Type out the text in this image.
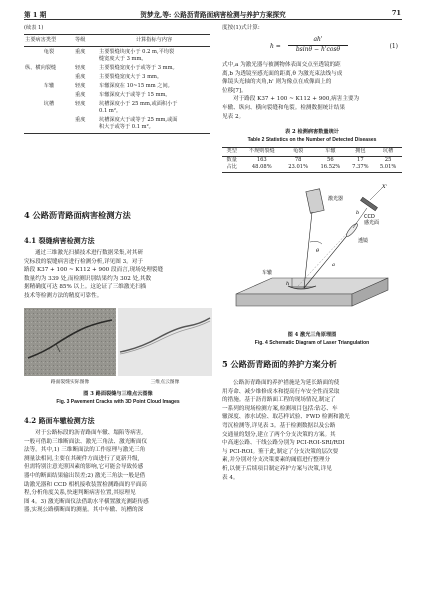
第 1 期	贺梦龙,等: 公路沥青路面病害检测与养护方案探究	71
(续表 1)
主要病害类型	等级	计算指标与内容
龟裂	重度	主要裂缝块度小于 0.2 m,平均裂
		缝宽度大于 3 mm。
纵、横向裂缝	轻度	主要裂缝宽度小于或等于 3 mm。
	重度	主要裂缝宽度大于 3 mm。
车辙	轻度	车辙深度在 10~15 mm 之间。
	重度	车辙深度大于或等于 15 mm。
坑槽	轻度	坑槽深度小于 25 mm,或面积小于
		0.1 m²。
	重度	坑槽深度大于或等于 25 mm,或面
		积大于或等于 0.1 m²。
4 公路沥青路面病害检测方法
4.1 裂缝病害检测方法
通过三维激光扫描技术进行数据采集,对其研
究标段的裂缝病害进行检测分析,详见图 3。对于
路段 K37 + 100 ~ K112 + 900 段而言,现场处理裂缝
数量约为 339 处,而检测识别结果约为 302 处,其数
据精确度可达 85% 以上。这论证了三维激光扫描
技术等检测方法的精度可靠性。
路面裂缝实际图像	三维点云图像
图 3 路面裂缝与三维点云图像
Fig. 3 Pavement Cracks with 3D Point Cloud Images
4.2 路面车辙检测方法
对于公路标段的沥青路面车辙、塌陷等病害,
一般可借助三维断面法、激光三角法、激光断面仪
法等。其中,1) 三维断面法的工作原理与激光三角
测量法相同,主要在其硬件方面进行了更新升级,
但需特别注意光照因素的影响,它可能会导致传感
器中的断面结果输出误差;2) 激光三角法一般是借
助激光器和 CCD 相机接收装置检测路面的平面高
程,分析角度关系,快速判断病害位置,其原理见
图 4。3) 激光断面仪法借助水平横置激光测距传感
器,实现公路横断面的测量。其中车辙、坑槽的深
度按(1)式计算:
h =
ah'
bsinθ − h'cosθ	(1)
式中,a 为激光器与被测物体表面交点至透镜的距
离,b 为透镜至感光面的距离,θ 为激光束法线与成
像镜头光轴的夹角,h' 则为像点在成像面上的
位移[7]。
对于路段 K37 + 100 ~ K112 + 900,病害主要为
车辙、纵向、横向裂缝和龟裂。检测数据统计结果
见表 2。
表 2 检测病害数量统计
Table 2 Statistics on the Number of Detected Diseases
类型	不规则裂缝	龟裂	车辙	拥包	坑槽
数量	163	78	56	17	25
占比	48.08%	23.01%	16.52%	7.37%	5.01%
激光器
CCD
感光面
透镜
θ
车辙
b
a
h
X'
图 4 激光三角原理图
Fig. 4 Schematic Diagram of Laser Triangulation
5 公路沥青路面的养护方案分析
公路沥青路面的养护措施是为延长路面的使
用寿命、减少维修成本和提高行车安全性而采取
的措施。基于沥青路面工程的现场情况,制定了
一系列的现场检测方案,检测项目包括:钻芯、车
辙深度、渗水试验、取芯样试验、FWD 检测和激光
弯沉检测等,详见表 3。基于检测数据以及公路
交通量的划分,建立了两个分支决策的方案。其
中高速公路、干线公路分别为 PCI-ROI-SRI/RDI
与 PCI-ROI。鉴于此,制定了分支决策的层次要
素,并分别对分支决策要素的阈值进行整理分
析,以便于后续项目制定养护方案与决策,详见
表 4。
